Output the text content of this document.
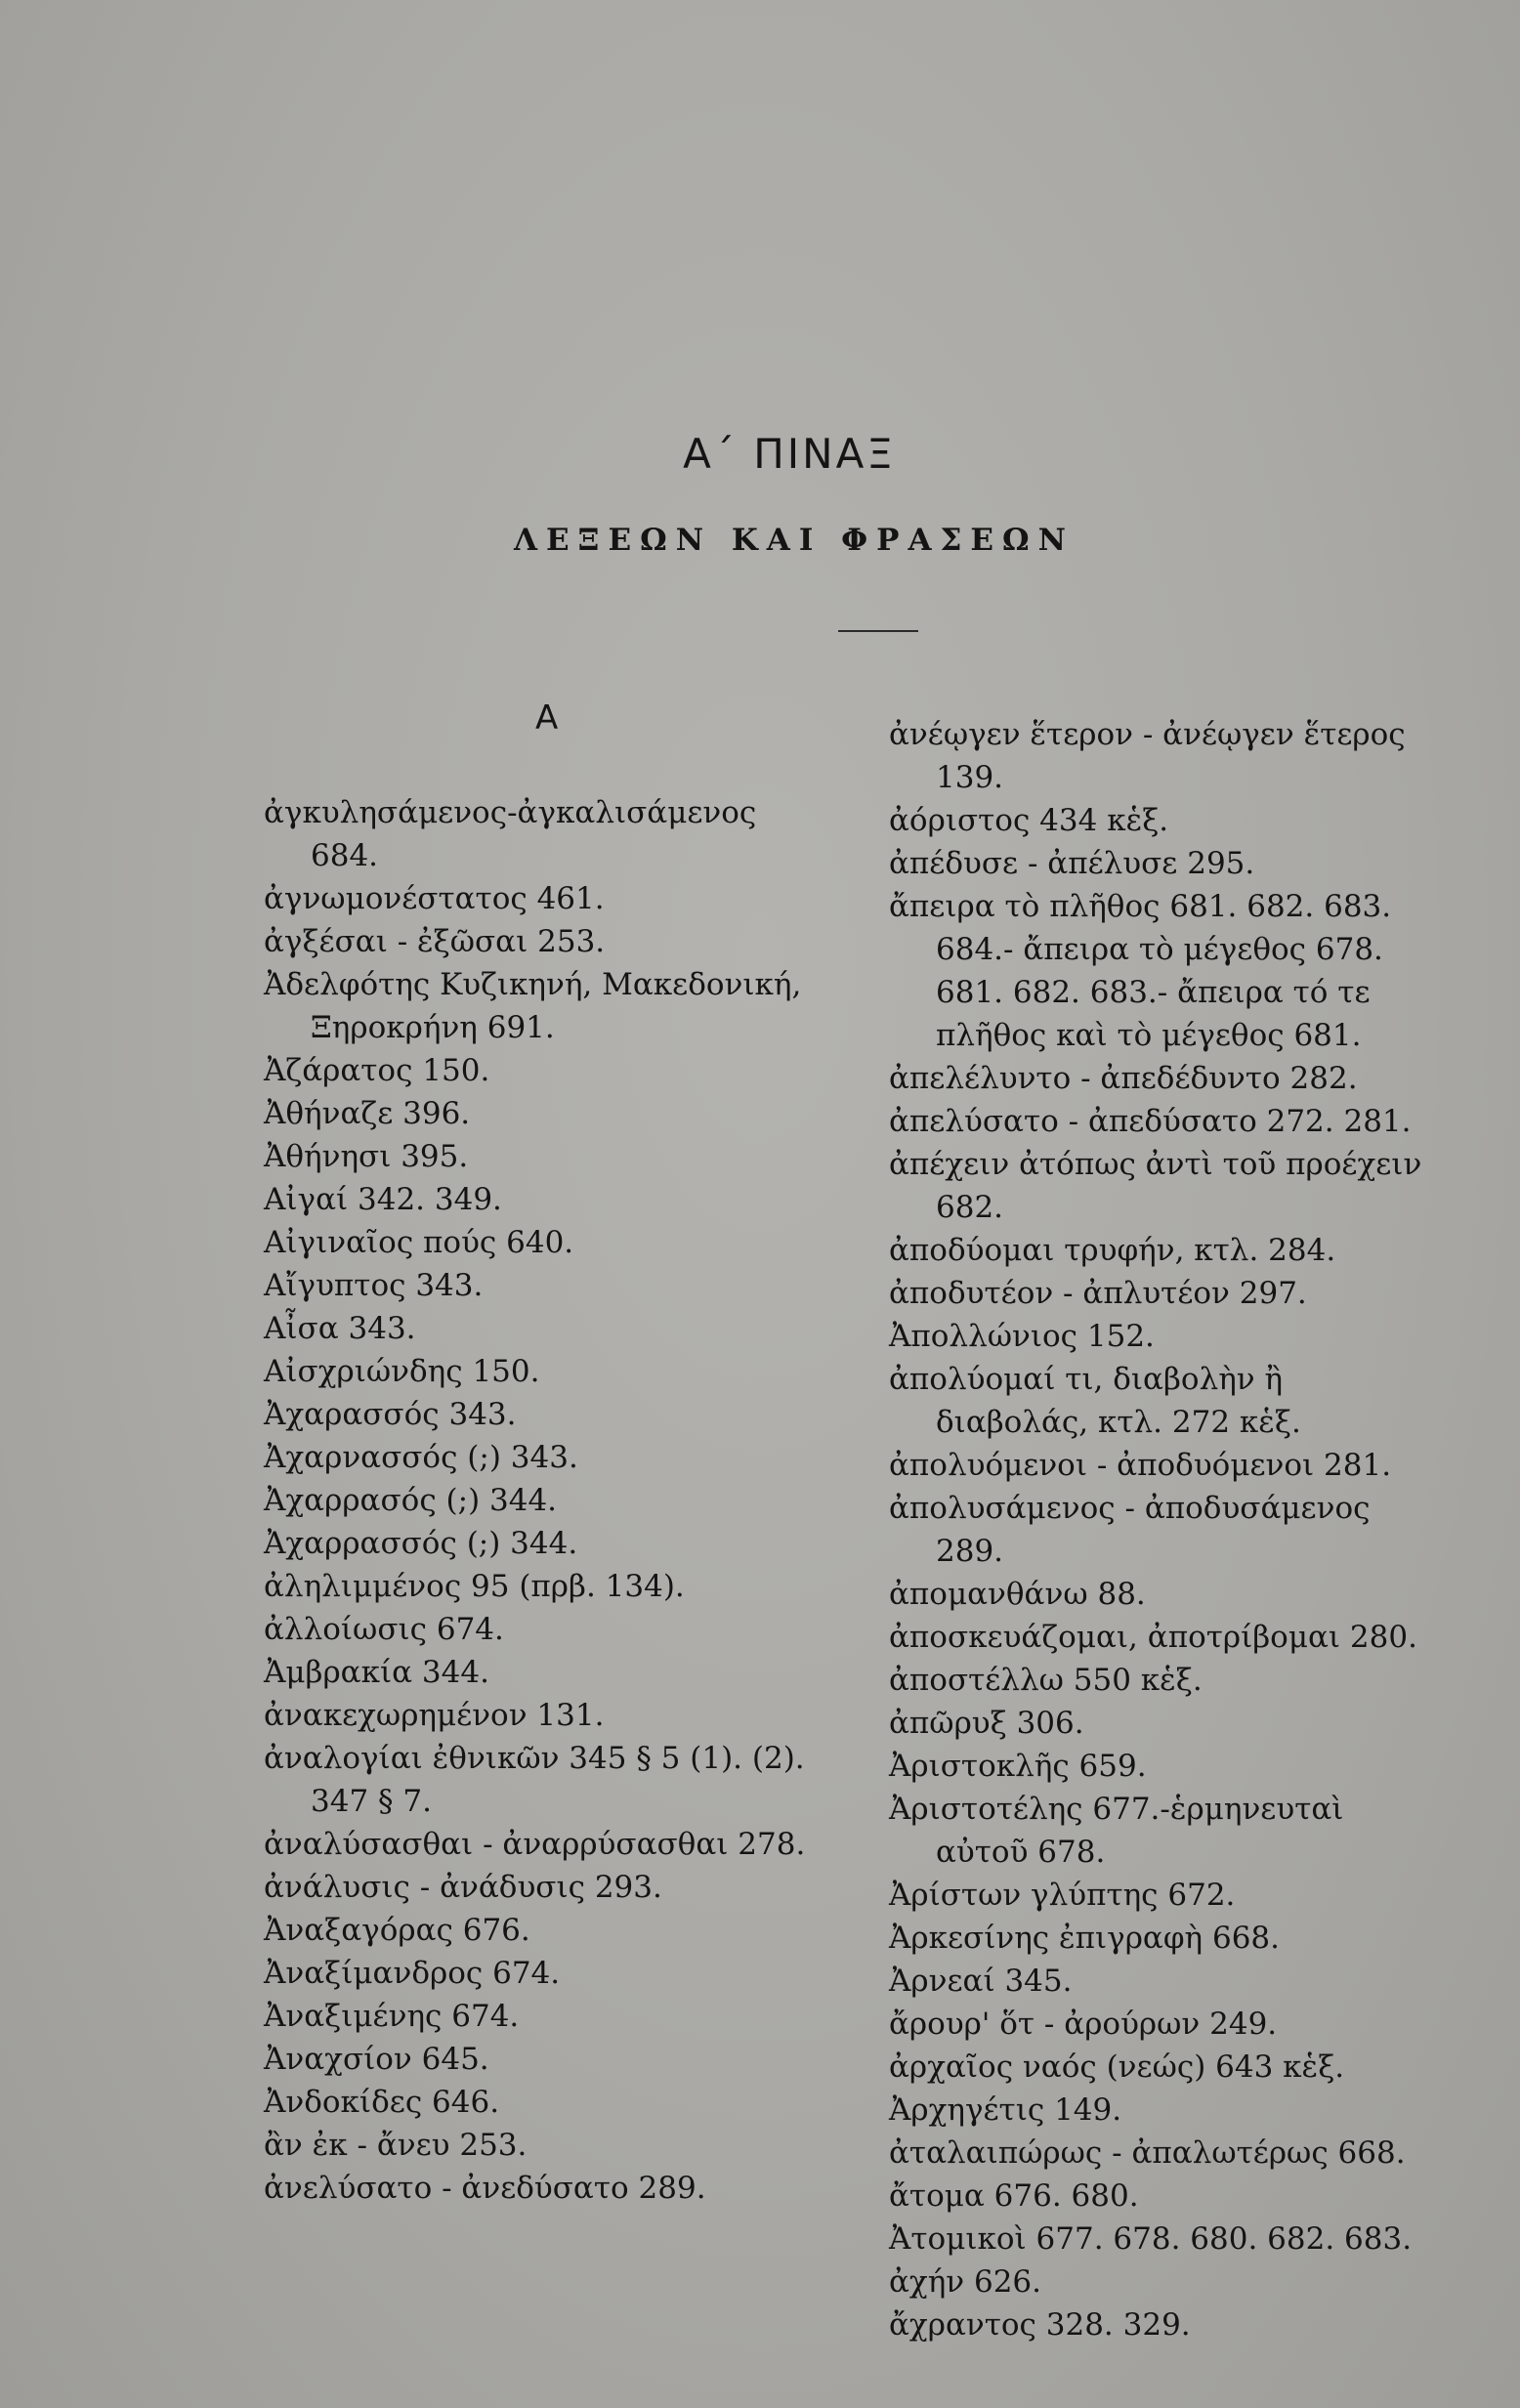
Α΄ ΠΙΝΑΞ
ΛΕΞΕΩΝ ΚΑΙ ΦΡΑΣΕΩΝ
Α
ἀγκυλησάμενος-ἀγκαλισάμενος 684.
ἀγνωμονέστατος 461.
ἀγξέσαι - ἐξῶσαι 253.
Ἀδελφότης Κυζικηνή, Μακεδονική, Ξηροκρήνη 691.
Ἀζάρατος 150.
Ἀθήναζε 396.
Ἀθήνησι 395.
Αἰγαί 342. 349.
Αἰγιναῖος πούς 640.
Αἴγυπτος 343.
Αἶσα 343.
Αἰσχριώνδης 150.
Ἀχαρασσός 343.
Ἀχαρνασσός (;) 343.
Ἀχαρρασός (;) 344.
Ἀχαρρασσός (;) 344.
ἀληλιμμένος 95 (πρβ. 134).
ἀλλοίωσις 674.
Ἀμβρακία 344.
ἀνακεχωρημένον 131.
ἀναλογίαι ἐθνικῶν 345 § 5 (1). (2). 347 § 7.
ἀναλύσασθαι - ἀναρρύσασθαι 278.
ἀνάλυσις - ἀνάδυσις 293.
Ἀναξαγόρας 676.
Ἀναξίμανδρος 674.
Ἀναξιμένης 674.
Ἀναχσίον 645.
Ἀνδοκίδες 646.
ἂν ἐκ - ἄνευ 253.
ἀνελύσατο - ἀνεδύσατο 289.
ἀνέῳγεν ἕτερον - ἀνέῳγεν ἕτερος 139.
ἀόριστος 434 κἑξ.
ἀπέδυσε - ἀπέλυσε 295.
ἄπειρα τὸ πλῆθος 681. 682. 683. 684.- ἄπειρα τὸ μέγεθος 678. 681. 682. 683.- ἄπειρα τό τε πλῆθος καὶ τὸ μέγεθος 681.
ἀπελέλυντο - ἀπεδέδυντο 282.
ἀπελύσατο - ἀπεδύσατο 272. 281.
ἀπέχειν ἀτόπως ἀντὶ τοῦ προέχειν 682.
ἀποδύομαι τρυφήν, κτλ. 284.
ἀποδυτέον - ἀπλυτέον 297.
Ἀπολλώνιος 152.
ἀπολύομαί τι, διαβολὴν ἢ διαβολάς, κτλ. 272 κἑξ.
ἀπολυόμενοι - ἀποδυόμενοι 281.
ἀπολυσάμενος - ἀποδυσάμενος 289.
ἀπομανθάνω 88.
ἀποσκευάζομαι, ἀποτρίβομαι 280.
ἀποστέλλω 550 κἑξ.
ἀπῶρυξ 306.
Ἀριστοκλῆς 659.
Ἀριστοτέλης 677.-ἑρμηνευταὶ αὐτοῦ 678.
Ἀρίστων γλύπτης 672.
Ἀρκεσίνης ἐπιγραφὴ 668.
Ἀρνεαί 345.
ἄρουρ' ὅτ - ἀρούρων 249.
ἀρχαῖος ναός (νεώς) 643 κἑξ.
Ἀρχηγέτις 149.
ἀταλαιπώρως - ἀπαλωτέρως 668.
ἄτομα 676. 680.
Ἀτομικοὶ 677. 678. 680. 682. 683.
ἀχήν 626.
ἄχραντος 328. 329.
